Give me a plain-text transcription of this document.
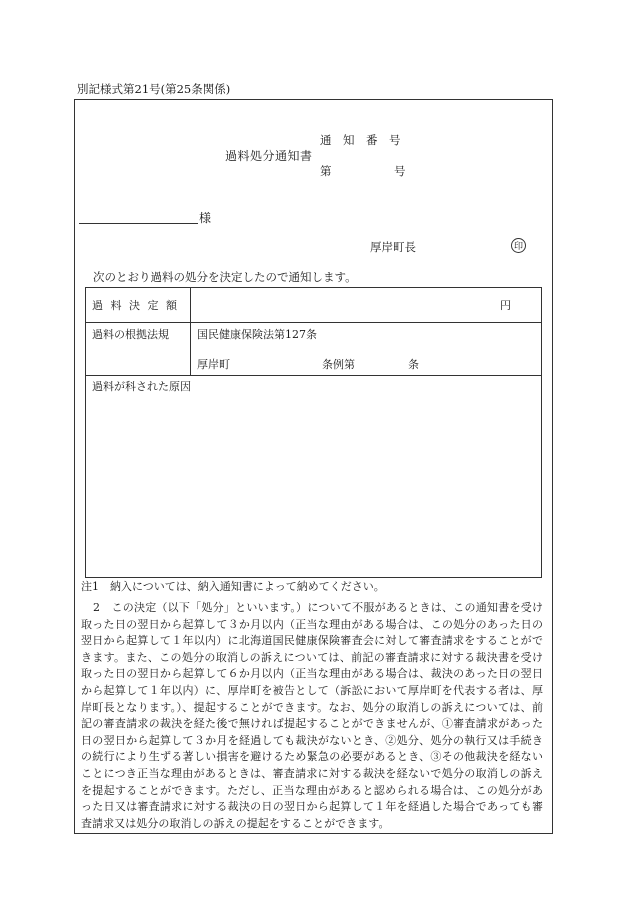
別記様式第21号(第25条関係)
過料処分通知書
通　知　番　号
第	号
様
厚岸町長	印
次のとおり過料の処分を決定したので通知します。
過 料 決 定 額	円
過料の根拠法規	国民健康保険法第127条
厚岸町	条例第	条
過料が科された原因
注1　納入については、納入通知書によって納めてください。
2　この決定（以下「処分」といいます。）について不服があるときは、この通知書を受け取った日の翌日から起算して３か月以内（正当な理由がある場合は、この処分のあった日の翌日から起算して１年以内）に北海道国民健康保険審査会に対して審査請求をすることができます。また、この処分の取消しの訴えについては、前記の審査請求に対する裁決書を受け取った日の翌日から起算して６か月以内（正当な理由がある場合は、裁決のあった日の翌日から起算して１年以内）に、厚岸町を被告として（訴訟において厚岸町を代表する者は、厚岸町長となります。）、提起することができます。なお、処分の取消しの訴えについては、前記の審査請求の裁決を経た後で無ければ提起することができませんが、①審査請求があった日の翌日から起算して３か月を経過しても裁決がないとき、②処分、処分の執行又は手続きの続行により生ずる著しい損害を避けるため緊急の必要があるとき、③その他裁決を経ないことにつき正当な理由があるときは、審査請求に対する裁決を経ないで処分の取消しの訴えを提起することができます。ただし、正当な理由があると認められる場合は、この処分があった日又は審査請求に対する裁決の日の翌日から起算して１年を経過した場合であっても審査請求又は処分の取消しの訴えの提起をすることができます。
